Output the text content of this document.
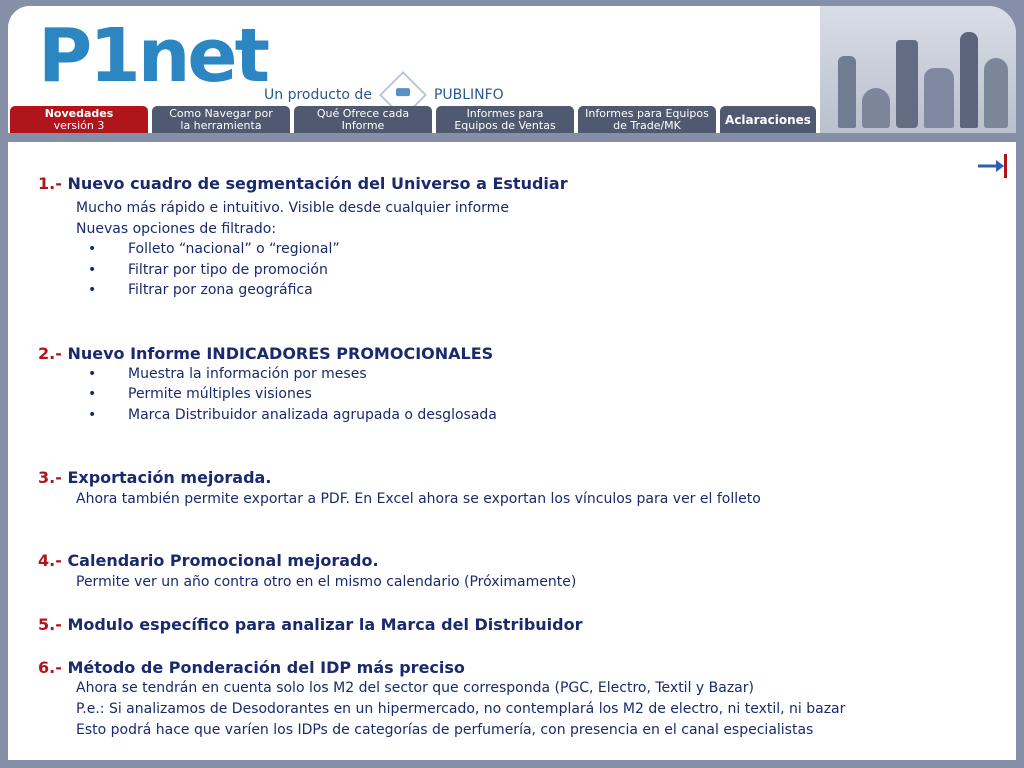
P1net
Un producto de	PUBLINFO
Novedades
versión 3
Como Navegar por
la herramienta
Qué Ofrece cada
Informe
Informes para
Equipos de Ventas
Informes para Equipos
de Trade/MK	Aclaraciones
1.- Nuevo cuadro de segmentación del Universo a Estudiar
Mucho más rápido e intuitivo. Visible desde cualquier informe
Nuevas opciones de filtrado:
• Folleto “nacional” o “regional”
• Filtrar por tipo de promoción
• Filtrar por zona geográfica
2.- Nuevo Informe INDICADORES PROMOCIONALES
• Muestra la información por meses
• Permite múltiples visiones
• Marca Distribuidor analizada agrupada o desglosada
3.- Exportación mejorada.
Ahora también permite exportar a PDF. En Excel ahora se exportan los vínculos para ver el folleto
4.- Calendario Promocional mejorado.
Permite ver un año contra otro en el mismo calendario (Próximamente)
5.- Modulo específico para analizar la Marca del Distribuidor
6.- Método de Ponderación del IDP más preciso
Ahora se tendrán en cuenta solo los M2 del sector que corresponda (PGC, Electro, Textil y Bazar)
P.e.: Si analizamos de Desodorantes en un hipermercado, no contemplará los M2 de electro, ni textil, ni bazar
Esto podrá hace que varíen los IDPs de categorías de perfumería, con presencia en el canal especialistas
